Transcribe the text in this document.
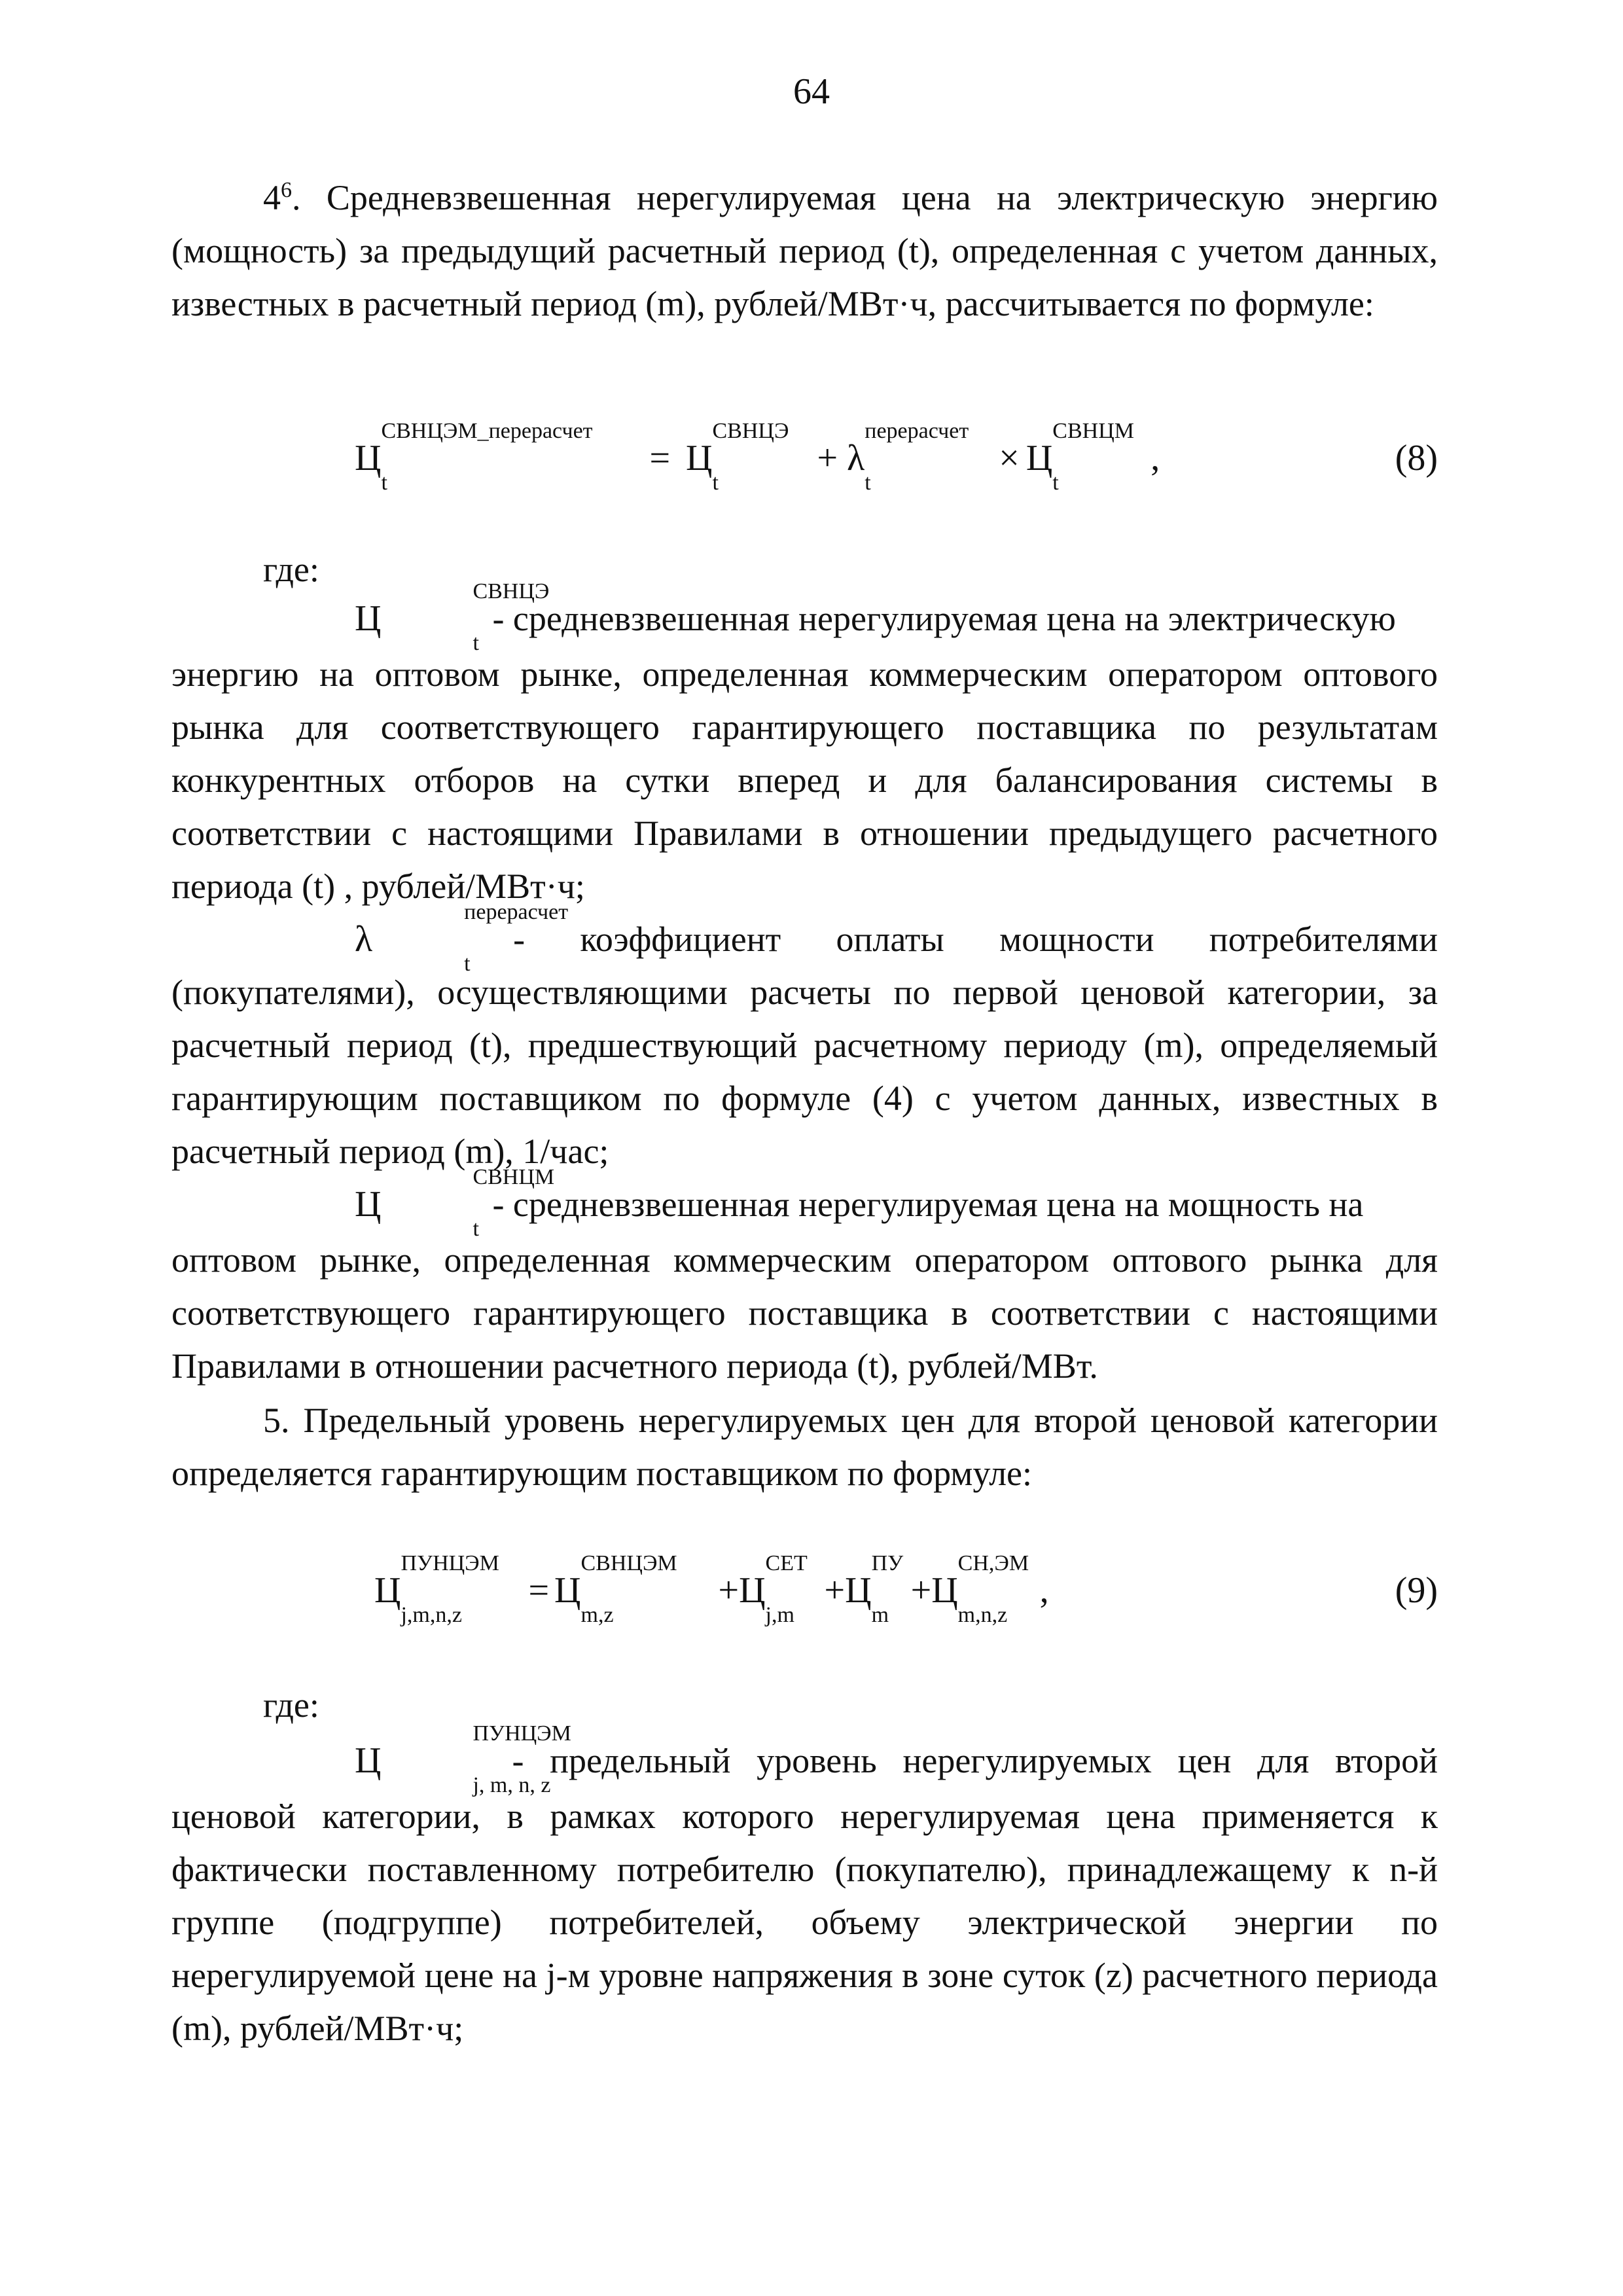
64

$4^6$. Средневзвешенная нерегулируемая цена на электрическую энергию (мощность) за предыдущий расчетный период (t), определенная с учетом данных, известных в расчетный период (m), рублей/МВт·ч, рассчитывается по формуле:

Ц
СВНЦЭМ_перерасчет
t
= Ц
СВНЦЭ
t
+ λ
перерасчет
t
× Ц
СВНЦМ
t
,	(8)
где:
Ц
СВНЦЭ
t
- средневзвешенная нерегулируемая цена на электрическую
энергию на оптовом рынке, определенная коммерческим оператором оптового рынка для соответствующего гарантирующего поставщика по результатам конкурентных отборов на сутки вперед и для балансирования системы в соответствии с настоящими Правилами в отношении предыдущего расчетного периода (t) , рублей/МВт·ч;
λ
перерасчет
t
- коэффициент оплаты мощности потребителями
(покупателями), осуществляющими расчеты по первой ценовой категории, за расчетный период (t), предшествующий расчетному периоду (m), определяемый гарантирующим поставщиком по формуле (4) с учетом данных, известных в расчетный период (m), 1/час;
Ц
СВНЦМ
t
- средневзвешенная нерегулируемая цена на мощность на
оптовом рынке, определенная коммерческим оператором оптового рынка для соответствующего гарантирующего поставщика в соответствии с настоящими Правилами в отношении расчетного периода (t), рублей/МВт.

5. Предельный уровень нерегулируемых цен для второй ценовой категории определяется гарантирующим поставщиком по формуле:

Ц
ПУНЦЭМ
j,m,n,z
= Ц
СВНЦЭМ
m,z
+Ц
СЕТ
j,m
+Ц
ПУ
m
+Ц
СН,ЭМ
m,n,z
,	(9)
где:
Ц
ПУНЦЭМ
j, m, n, z
- предельный уровень нерегулируемых цен для второй
ценовой категории, в рамках которого нерегулируемая цена применяется к фактически поставленному потребителю (покупателю), принадлежащему к n-й группе (подгруппе) потребителей, объему электрической энергии по нерегулируемой цене на j-м уровне напряжения в зоне суток (z) расчетного периода (m), рублей/МВт·ч;
